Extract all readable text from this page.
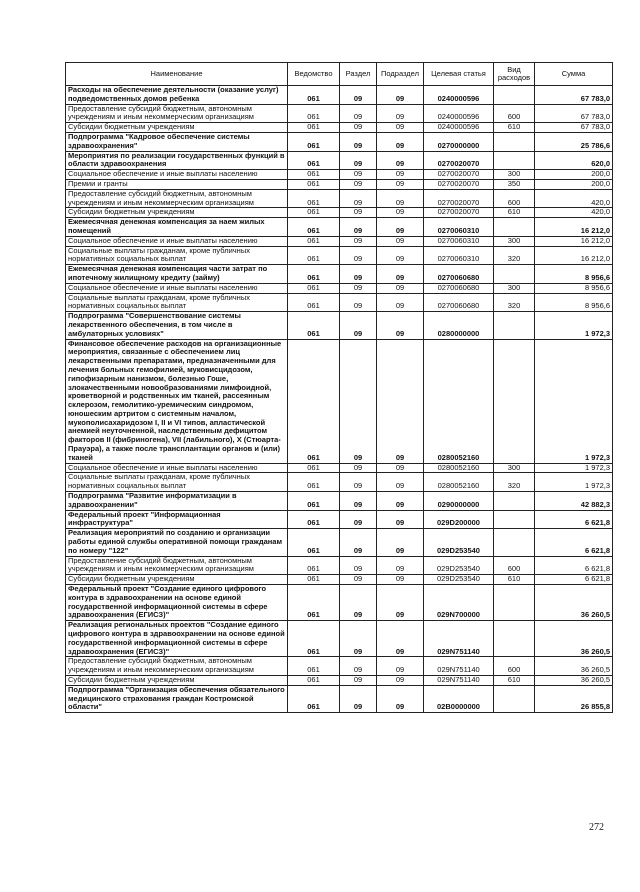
Наименование	Ведомство	Раздел	Подраздел	Целевая статья	Вид расходов	Сумма
Расходы на обеспечение деятельности (оказание услуг) подведомственных домов ребенка	061	09	09	0240000596		67 783,0
Предоставление субсидий бюджетным, автономным учреждениям и иным некоммерческим организациям	061	09	09	0240000596	600	67 783,0
Субсидии бюджетным учреждениям	061	09	09	0240000596	610	67 783,0
Подпрограмма "Кадровое обеспечение системы здравоохранения"	061	09	09	0270000000		25 786,6
Мероприятия по реализации государственных функций в области здравоохранения	061	09	09	0270020070		620,0
Социальное обеспечение и иные выплаты населению	061	09	09	0270020070	300	200,0
Премии и гранты	061	09	09	0270020070	350	200,0
Предоставление субсидий бюджетным, автономным учреждениям и иным некоммерческим организациям	061	09	09	0270020070	600	420,0
Субсидии бюджетным учреждениям	061	09	09	0270020070	610	420,0
Ежемесячная денежная компенсация за наем жилых помещений	061	09	09	0270060310		16 212,0
Социальное обеспечение и иные выплаты населению	061	09	09	0270060310	300	16 212,0
Социальные выплаты гражданам, кроме публичных нормативных социальных выплат	061	09	09	0270060310	320	16 212,0
Ежемесячная денежная компенсация части затрат по ипотечному жилищному кредиту (займу)	061	09	09	0270060680		8 956,6
Социальное обеспечение и иные выплаты населению	061	09	09	0270060680	300	8 956,6
Социальные выплаты гражданам, кроме публичных нормативных социальных выплат	061	09	09	0270060680	320	8 956,6
Подпрограмма "Совершенствование системы лекарственного обеспечения, в том числе в амбулаторных условиях"	061	09	09	0280000000		1 972,3
Финансовое обеспечение расходов на организационные мероприятия, связанные с обеспечением лиц лекарственными препаратами, предназначенными для лечения больных гемофилией, муковисцидозом, гипофизарным нанизмом, болезнью Гоше, злокачественными новообразованиями лимфоидной, кроветворной и родственных им тканей, рассеянным склерозом, гемолитико-уремическим синдромом, юношеским артритом с системным началом, мукополисахаридозом I, II и VI типов, апластической анемией неуточненной, наследственным дефицитом факторов II (фибриногена), VII (лабильного), X (Стюарта-Прауэра), а также после трансплантации органов и (или) тканей	061	09	09	0280052160		1 972,3
Социальное обеспечение и иные выплаты населению	061	09	09	0280052160	300	1 972,3
Социальные выплаты гражданам, кроме публичных нормативных социальных выплат	061	09	09	0280052160	320	1 972,3
Подпрограмма "Развитие информатизации в здравоохранении"	061	09	09	0290000000		42 882,3
Федеральный проект "Информационная инфраструктура"	061	09	09	029D200000		6 621,8
Реализация мероприятий по созданию и организации работы единой службы оперативной помощи гражданам по номеру "122"	061	09	09	029D253540		6 621,8
Предоставление субсидий бюджетным, автономным учреждениям и иным некоммерческим организациям	061	09	09	029D253540	600	6 621,8
Субсидии бюджетным учреждениям	061	09	09	029D253540	610	6 621,8
Федеральный проект "Создание единого цифрового контура в здравоохранении на основе единой государственной информационной системы в сфере здравоохранения (ЕГИСЗ)"	061	09	09	029N700000		36 260,5
Реализация региональных проектов "Создание единого цифрового контура в здравоохранении на основе единой государственной информационной системы в сфере здравоохранения (ЕГИСЗ)"	061	09	09	029N751140		36 260,5
Предоставление субсидий бюджетным, автономным учреждениям и иным некоммерческим организациям	061	09	09	029N751140	600	36 260,5
Субсидии бюджетным учреждениям	061	09	09	029N751140	610	36 260,5
Подпрограмма "Организация обеспечения обязательного медицинского страхования граждан Костромской области"	061	09	09	02B0000000		26 855,8
272
